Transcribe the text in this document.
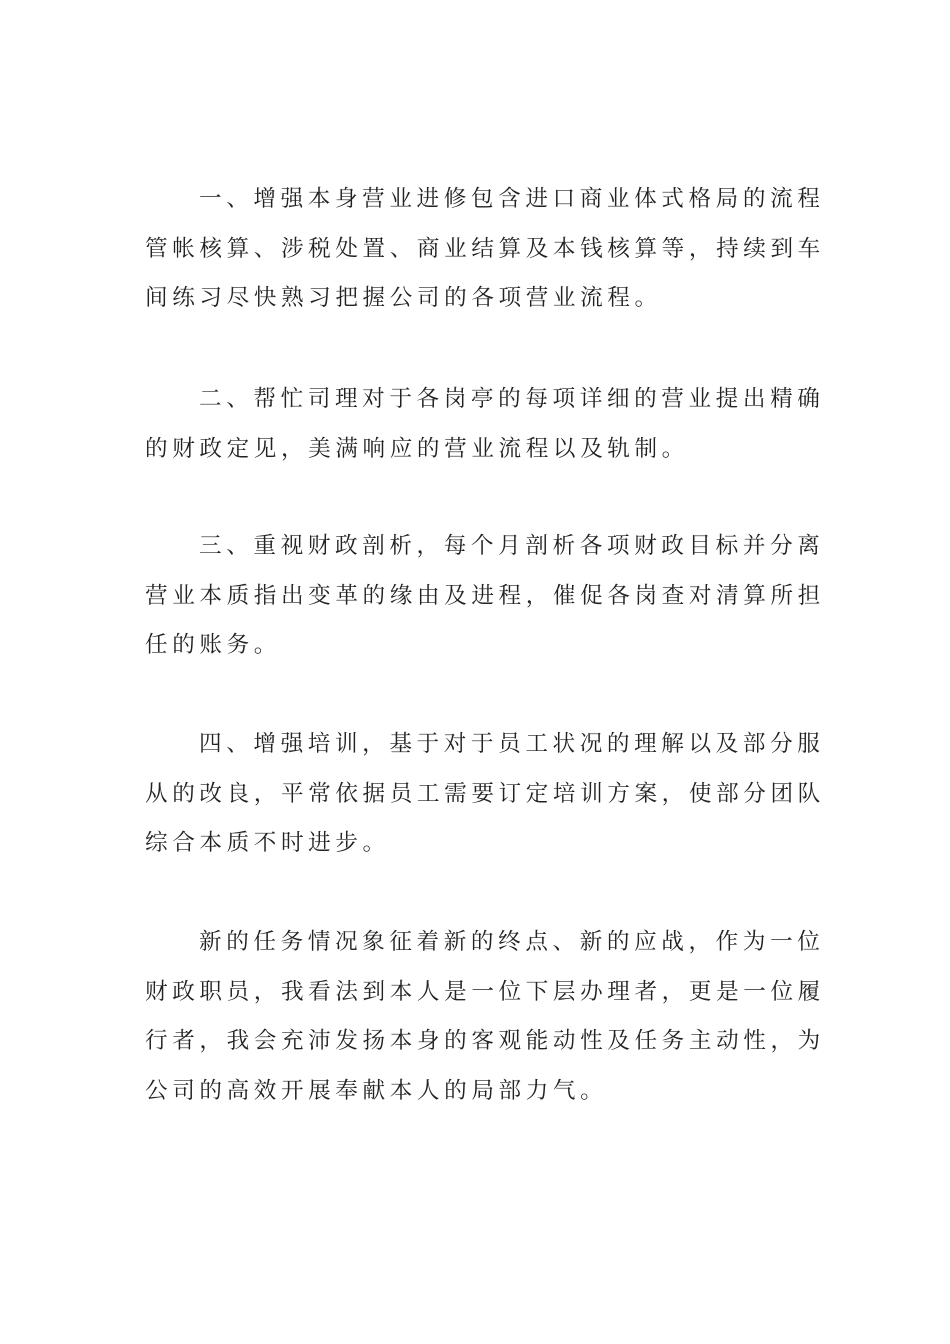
一、增强本身营业进修包含进口商业体式格局的流程
管帐核算、涉税处置、商业结算及本钱核算等，持续到车
间练习尽快熟习把握公司的各项营业流程。
二、帮忙司理对于各岗亭的每项详细的营业提出精确
的财政定见，美满响应的营业流程以及轨制。
三、重视财政剖析，每个月剖析各项财政目标并分离
营业本质指出变革的缘由及进程，催促各岗查对清算所担
任的账务。
四、增强培训，基于对于员工状况的理解以及部分服
从的改良，平常依据员工需要订定培训方案，使部分团队
综合本质不时进步。
新的任务情况象征着新的终点、新的应战，作为一位
财政职员，我看法到本人是一位下层办理者，更是一位履
行者，我会充沛发扬本身的客观能动性及任务主动性，为
公司的高效开展奉献本人的局部力气。
